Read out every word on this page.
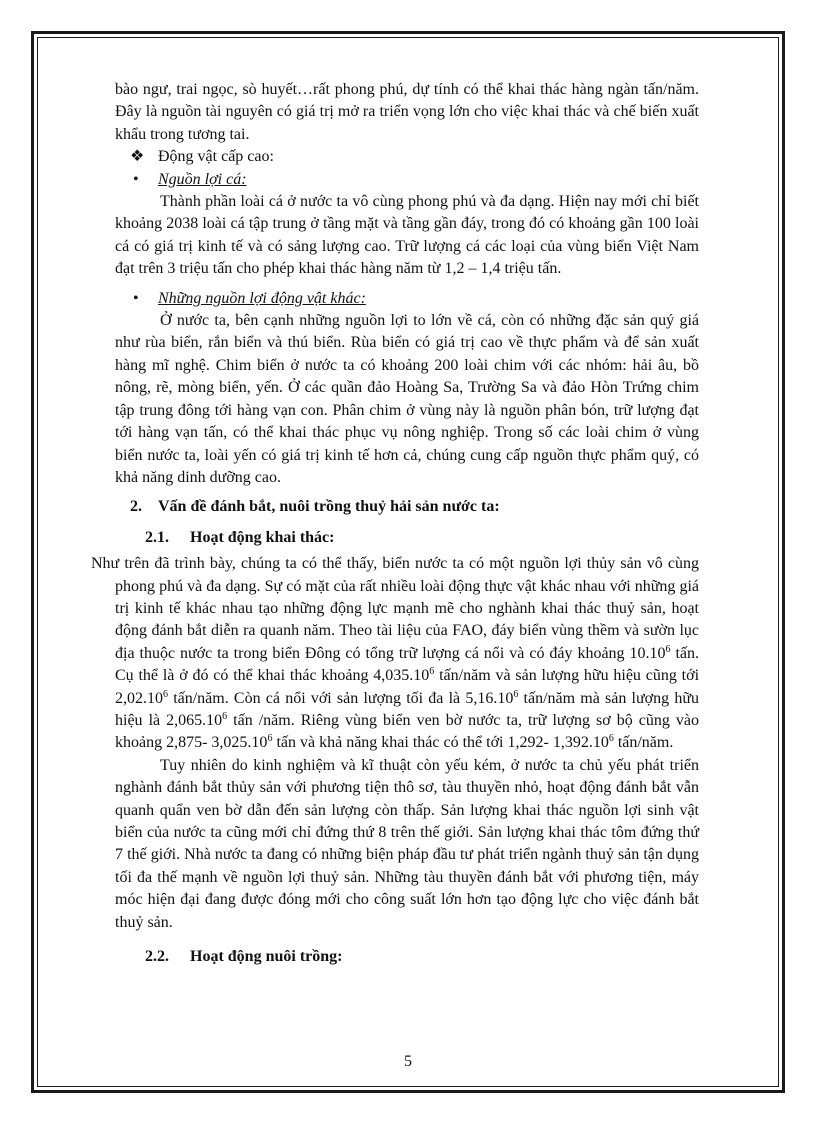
bào ngư, trai ngọc, sò huyết…rất phong phú, dự tính có thể khai thác hàng ngàn tấn/năm. Đây là nguồn tài nguyên có giá trị mở ra triển vọng lớn cho việc khai thác và chế biến xuất khẩu trong tương tai.

❖ Động vật cấp cao:
•	Nguồn lợi cá:

Thành phần loài cá ở nước ta vô cùng phong phú và đa dạng. Hiện nay mới chỉ biết khoảng 2038 loài cá tập trung ở tầng mặt và tầng gần đáy, trong đó có khoảng gần 100 loài cá có giá trị kinh tế và có sảng lượng cao. Trữ lượng cá các loại của vùng biển Việt Nam đạt trên 3 triệu tấn cho phép khai thác hàng năm từ 1,2 – 1,4 triệu tấn.

•	Những nguồn lợi động vật khác:

Ở nước ta, bên cạnh những nguồn lợi to lớn về cá, còn có những đặc sản quý giá như rùa biển, rắn biển và thú biển. Rùa biển có giá trị cao về thực phẩm và để sản xuất hàng mĩ nghệ. Chim biển ở nước ta có khoảng 200 loài chim với các nhóm: hải âu, bồ nông, rẽ, mòng biển, yến. Ở các quần đảo Hoàng Sa, Trường Sa và đảo Hòn Trứng chim tập trung đông tới hàng vạn con. Phân chim ở vùng này là nguồn phân bón, trữ lượng đạt tới hàng vạn tấn, có thể khai thác phục vụ nông nghiệp. Trong số các loài chim ở vùng biển nước ta, loài yến có giá trị kinh tế hơn cả, chúng cung cấp nguồn thực phẩm quý, có khả năng dinh dưỡng cao.

2.	Vấn đề đánh bắt, nuôi trồng thuỷ hải sản nước ta:
2.1.	Hoạt động khai thác:

Như trên đã trình bày, chúng ta có thể thấy, biển nước ta có một nguồn lợi thủy sản vô cùng phong phú và đa dạng. Sự có mặt của rất nhiều loài động thực vật khác nhau với những giá trị kinh tế khác nhau tạo những động lực mạnh mẽ cho nghành khai thác thuỷ sản, hoạt động đánh bắt diễn ra quanh năm. Theo tài liệu của FAO, đáy biển vùng thềm và sườn lục địa thuộc nước ta trong biển Đông có tổng trữ lượng cá nổi và có đáy khoảng 10.10$^6$ tấn. Cụ thể là ở đó có thể khai thác khoảng 4,035.10$^6$ tấn/năm và sản lượng hữu hiệu cũng tới 2,02.10$^6$ tấn/năm. Còn cá nổi với sản lượng tối đa là 5,16.10$^6$ tấn/năm mà sản lượng hữu hiệu là 2,065.10$^6$ tấn /năm. Riêng vùng biển ven bờ nước ta, trữ lượng sơ bộ cũng vào khoảng 2,875- 3,025.10$^6$ tấn và khả năng khai thác có thể tới 1,292- 1,392.10$^6$ tấn/năm.

Tuy nhiên do kinh nghiệm và kĩ thuật còn yếu kém, ở nước ta chủ yếu phát triển nghành đánh bắt thủy sản với phương tiện thô sơ, tàu thuyền nhỏ, hoạt động đánh bắt vẫn quanh quẩn ven bờ dẫn đến sản lượng còn thấp. Sản lượng khai thác nguồn lợi sinh vật biển của nước ta cũng mới chỉ đứng thứ 8 trên thế giới. Sản lượng khai thác tôm đứng thứ 7 thế giới. Nhà nước ta đang có những biện pháp đầu tư phát triển ngành thuỷ sản tận dụng tối đa thế mạnh về nguồn lợi thuỷ sản. Những tàu thuyền đánh bắt với phương tiện, máy móc hiện đại đang được đóng mới cho công suất lớn hơn tạo động lực cho việc đánh bắt thuỷ sản.

2.2.	Hoạt động nuôi trồng:
5
